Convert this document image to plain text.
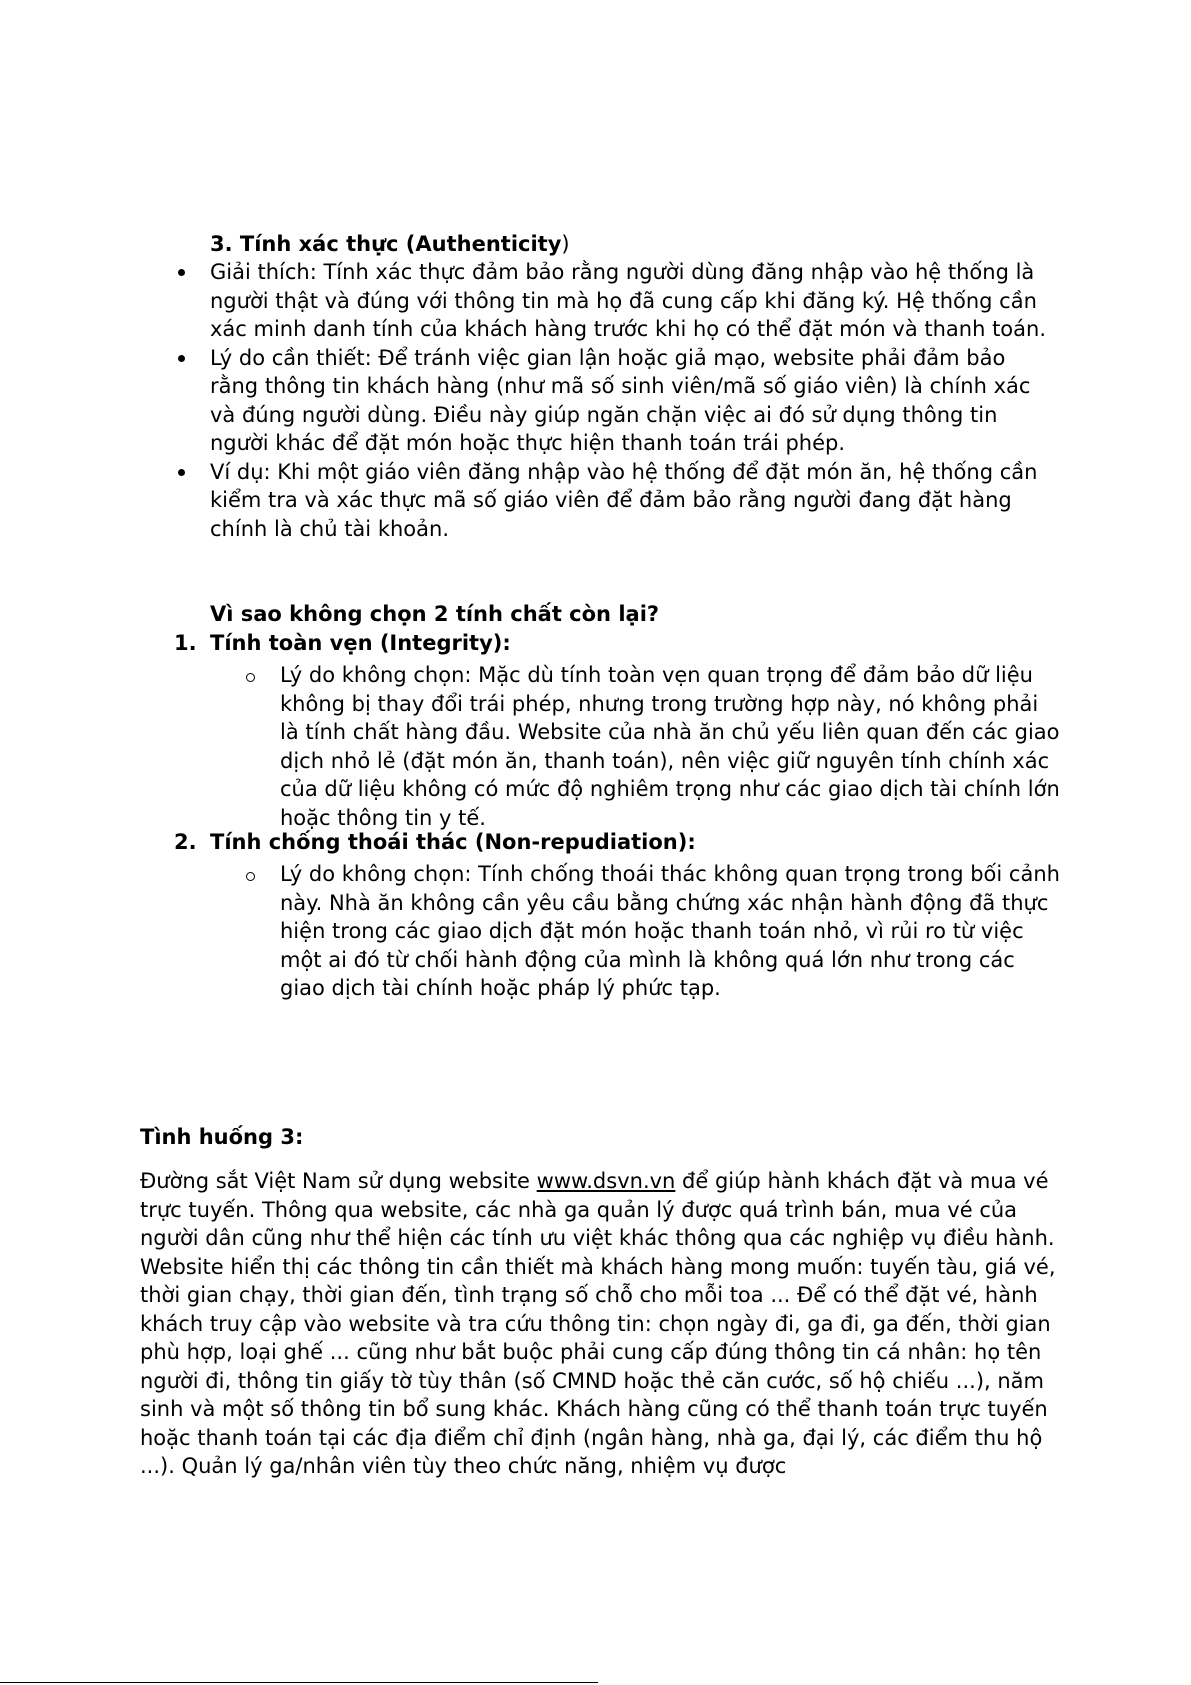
3. Tính xác thực (Authenticity)
Giải thích: Tính xác thực đảm bảo rằng người dùng đăng nhập vào hệ thống là người thật và đúng với thông tin mà họ đã cung cấp khi đăng ký. Hệ thống cần xác minh danh tính của khách hàng trước khi họ có thể đặt món và thanh toán.
Lý do cần thiết: Để tránh việc gian lận hoặc giả mạo, website phải đảm bảo rằng thông tin khách hàng (như mã số sinh viên/mã số giáo viên) là chính xác và đúng người dùng. Điều này giúp ngăn chặn việc ai đó sử dụng thông tin người khác để đặt món hoặc thực hiện thanh toán trái phép.
Ví dụ: Khi một giáo viên đăng nhập vào hệ thống để đặt món ăn, hệ thống cần kiểm tra và xác thực mã số giáo viên để đảm bảo rằng người đang đặt hàng chính là chủ tài khoản.
Vì sao không chọn 2 tính chất còn lại?
1. Tính toàn vẹn (Integrity):
Lý do không chọn: Mặc dù tính toàn vẹn quan trọng để đảm bảo dữ liệu không bị thay đổi trái phép, nhưng trong trường hợp này, nó không phải là tính chất hàng đầu. Website của nhà ăn chủ yếu liên quan đến các giao dịch nhỏ lẻ (đặt món ăn, thanh toán), nên việc giữ nguyên tính chính xác của dữ liệu không có mức độ nghiêm trọng như các giao dịch tài chính lớn hoặc thông tin y tế.
2. Tính chống thoái thác (Non-repudiation):
Lý do không chọn: Tính chống thoái thác không quan trọng trong bối cảnh này. Nhà ăn không cần yêu cầu bằng chứng xác nhận hành động đã thực hiện trong các giao dịch đặt món hoặc thanh toán nhỏ, vì rủi ro từ việc một ai đó từ chối hành động của mình là không quá lớn như trong các giao dịch tài chính hoặc pháp lý phức tạp.
Tình huống 3:
Đường sắt Việt Nam sử dụng website www.dsvn.vn để giúp hành khách đặt và mua vé trực tuyến. Thông qua website, các nhà ga quản lý được quá trình bán, mua vé của người dân cũng như thể hiện các tính ưu việt khác thông qua các nghiệp vụ điều hành. Website hiển thị các thông tin cần thiết mà khách hàng mong muốn: tuyến tàu, giá vé, thời gian chạy, thời gian đến, tình trạng số chỗ cho mỗi toa ... Để có thể đặt vé, hành khách truy cập vào website và tra cứu thông tin: chọn ngày đi, ga đi, ga đến, thời gian phù hợp, loại ghế ... cũng như bắt buộc phải cung cấp đúng thông tin cá nhân: họ tên người đi, thông tin giấy tờ tùy thân (số CMND hoặc thẻ căn cước, số hộ chiếu ...), năm sinh và một số thông tin bổ sung khác. Khách hàng cũng có thể thanh toán trực tuyến hoặc thanh toán tại các địa điểm chỉ định (ngân hàng, nhà ga, đại lý, các điểm thu hộ ...). Quản lý ga/nhân viên tùy theo chức năng, nhiệm vụ được
